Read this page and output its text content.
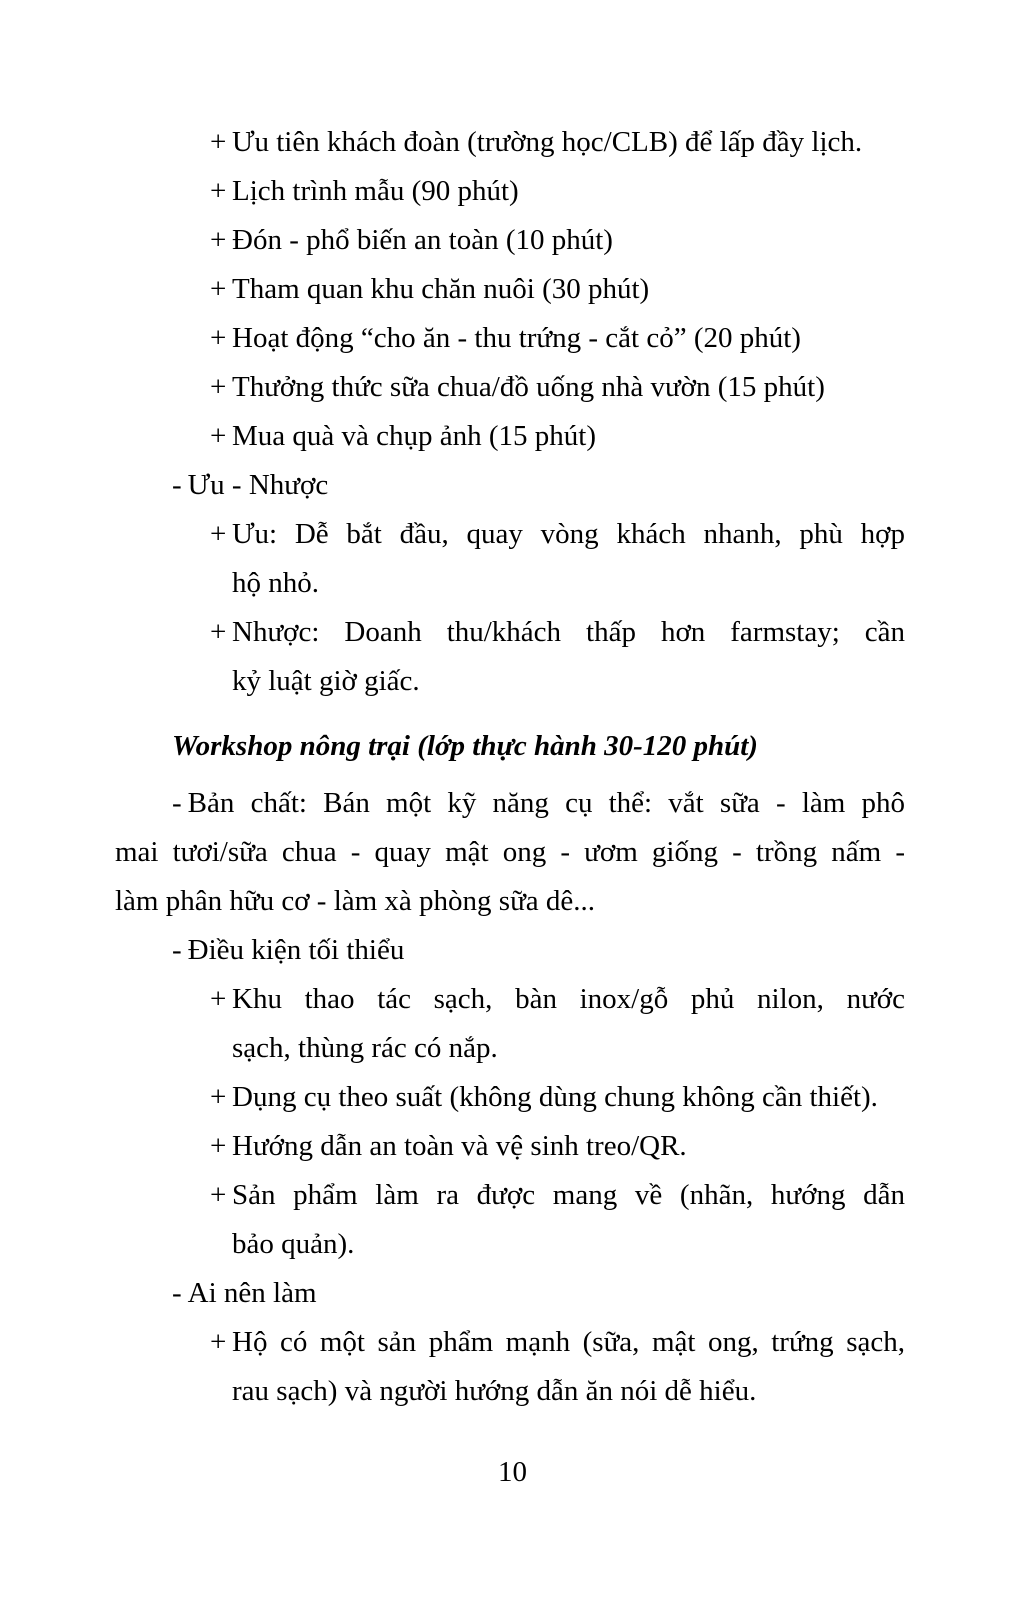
+ Ưu tiên khách đoàn (trường học/CLB) để lấp đầy lịch.

+ Lịch trình mẫu (90 phút)

+ Đón - phổ biến an toàn (10 phút)

+ Tham quan khu chăn nuôi (30 phút)

+ Hoạt động “cho ăn - thu trứng - cắt cỏ” (20 phút)

+ Thưởng thức sữa chua/đồ uống nhà vườn (15 phút)

+ Mua quà và chụp ảnh (15 phút)

- Ưu - Nhược

+ Ưu: Dễ bắt đầu, quay vòng khách nhanh, phù hợp
hộ nhỏ.

+ Nhược: Doanh thu/khách thấp hơn farmstay; cần
kỷ luật giờ giấc.

Workshop nông trại (lớp thực hành 30-120 phút)

- Bản chất: Bán một kỹ năng cụ thể: vắt sữa - làm phô
mai tươi/sữa chua - quay mật ong - ươm giống - trồng nấm -
làm phân hữu cơ - làm xà phòng sữa dê...

- Điều kiện tối thiểu

+ Khu thao tác sạch, bàn inox/gỗ phủ nilon, nước
sạch, thùng rác có nắp.

+ Dụng cụ theo suất (không dùng chung không cần thiết).

+ Hướng dẫn an toàn và vệ sinh treo/QR.

+ Sản phẩm làm ra được mang về (nhãn, hướng dẫn
bảo quản).

- Ai nên làm

+ Hộ có một sản phẩm mạnh (sữa, mật ong, trứng sạch,
rau sạch) và người hướng dẫn ăn nói dễ hiểu.

10
